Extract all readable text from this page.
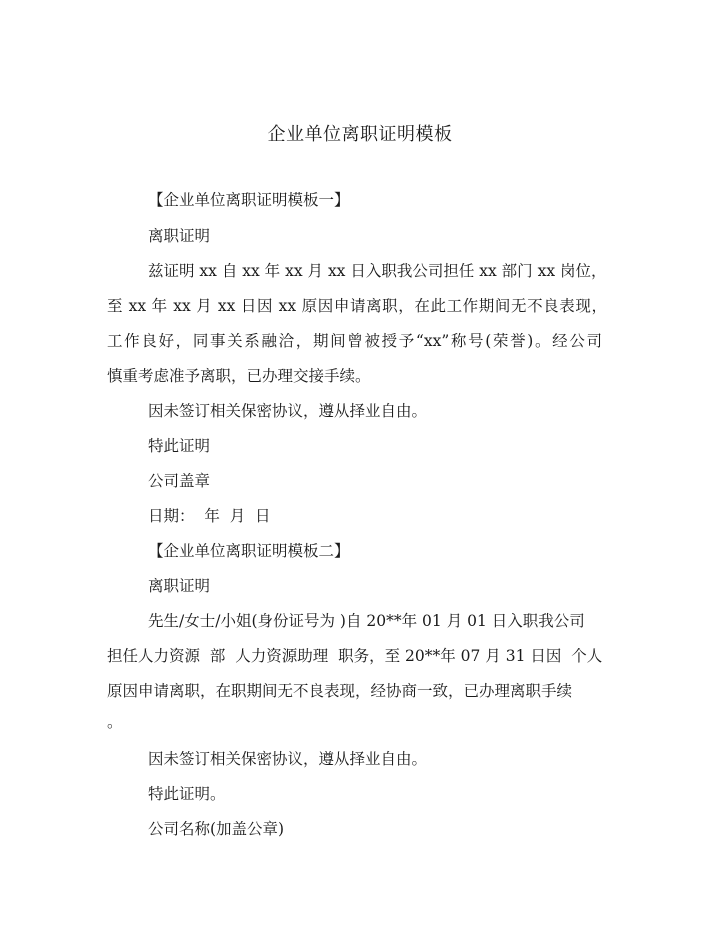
企业单位离职证明模板
【企业单位离职证明模板一】
离职证明
兹证明 xx 自 xx 年 xx 月 xx 日入职我公司担任 xx 部门 xx 岗位，
至 xx 年 xx 月 xx 日因 xx 原因申请离职，在此工作期间无不良表现，
工作良好，同事关系融洽，期间曾被授予“xx”称号(荣誉)。经公司
慎重考虑准予离职，已办理交接手续。
因未签订相关保密协议，遵从择业自由。
特此证明
公司盖章
日期：  年  月  日
【企业单位离职证明模板二】
离职证明
先生/女士/小姐(身份证号为 )自 20**年 01 月 01 日入职我公司
担任人力资源  部  人力资源助理  职务，至 20**年 07 月 31 日因  个人
原因申请离职，在职期间无不良表现，经协商一致，已办理离职手续
。
因未签订相关保密协议，遵从择业自由。
特此证明。
公司名称(加盖公章)
